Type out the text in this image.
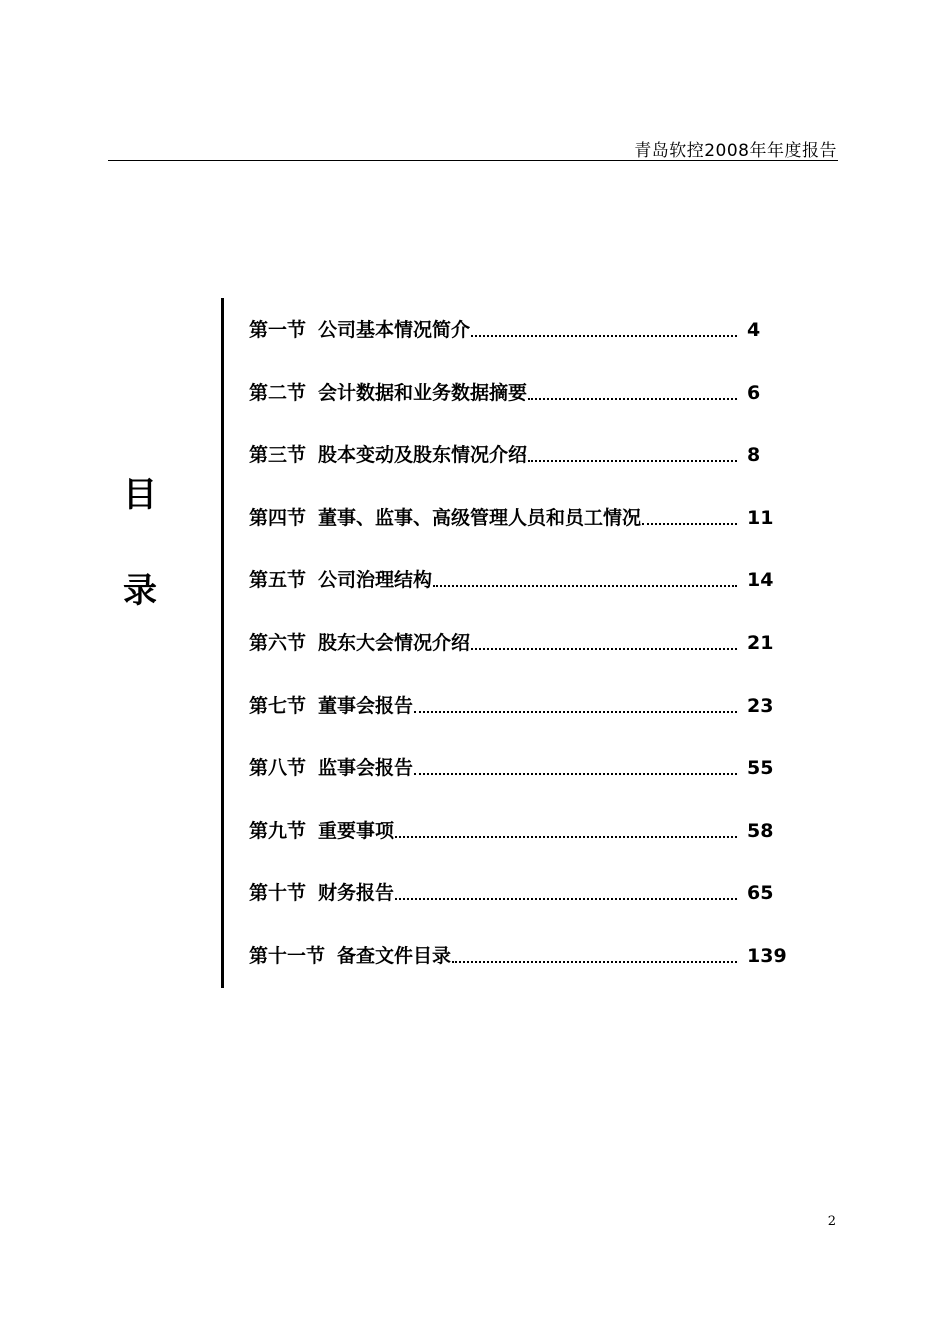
青岛软控2008年年度报告
目
录
第一节 公司基本情况简介	4
第二节 会计数据和业务数据摘要	6
第三节 股本变动及股东情况介绍	8
第四节 董事、监事、高级管理人员和员工情况	11
第五节 公司治理结构	14
第六节 股东大会情况介绍	21
第七节 董事会报告	23
第八节 监事会报告	55
第九节 重要事项	58
第十节 财务报告	65
第十一节 备查文件目录	139
2
